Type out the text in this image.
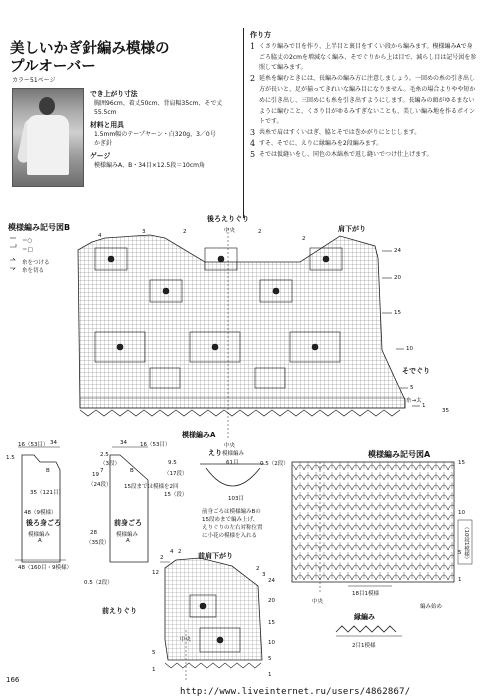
美しいかぎ針編み模様の
プルオーバー
カラー51ページ
でき上がり寸法
胸囲96cm、着丈50cm、背肩幅35cm、そで丈
55.5cm
材料と用具
1.5mm幅のテープヤーン・白320g、3／0号
かぎ針
ゲージ
模様編みA、B・34目×12.5段＝10cm角
作り方
1 くさり編みで目を作り、上半目と裏目をすくい段から編みます。模様編みAで身ごろ脇丈の2cmを増減なく編み、そでぐりから上は目で、減らし目は記号図を参照して編みます。
2 延糸を編むときには、長編みの編み方に注意しましょう。一回めの糸の引き出し方が長いと、足が揃ってきれいな編み目になりません。毛糸の場合よりやや短かめに引き出し、三回めにも糸を引き出すようにします。長編みの頭がゆるまないように編むこと、くさり目がゆるみすぎないことも、美しい編み地を作るポイントです。
3 共糸で肩はすくいはぎ、脇とそでは巻かがりにとじします。
4 すそ、そでに、えりに縁編みを2段編みます。
5 そでは仮縫いをし、同色の木綿糸で返し縫いでつけ仕上げます。
模様編み記号図B
＝○
＝□
糸をつける
糸を切る
後ろえりぐり
中央	肩下がり
そでぐり
模様編みA
中央
糸→太
24
20
15
10
5
1
35
2	2
2
3
4
16（53目） 34	34 16（53目）
1.5	2.5
（3段）
7
9.5
（17段）
19
（24段）
35（121目）	15（段）
15段までは模様を2回
B	B
48（9模様）
後ろ身ごろ
模様編み
A
前身ごろ
模様編み
A
28
（35段）
48（160目・9模様）
0.5（2段）
えり 模様編み
61目	0.5（2段）
103目
前身ごろは模様編みBの
15段めまで編み上げ、
えりぐりの左右対称位置
に小花の模様を入れる
模様編み記号図A
15
10
5
1
（10段1模様）
中央
18目1模様
編み始め
前肩下がり
前えりぐり
中央
12
5
1
24
20
15
10
5
1
2
2
3
4 2
縁編み
2目1模様
166
http://www.liveinternet.ru/users/4862867/
